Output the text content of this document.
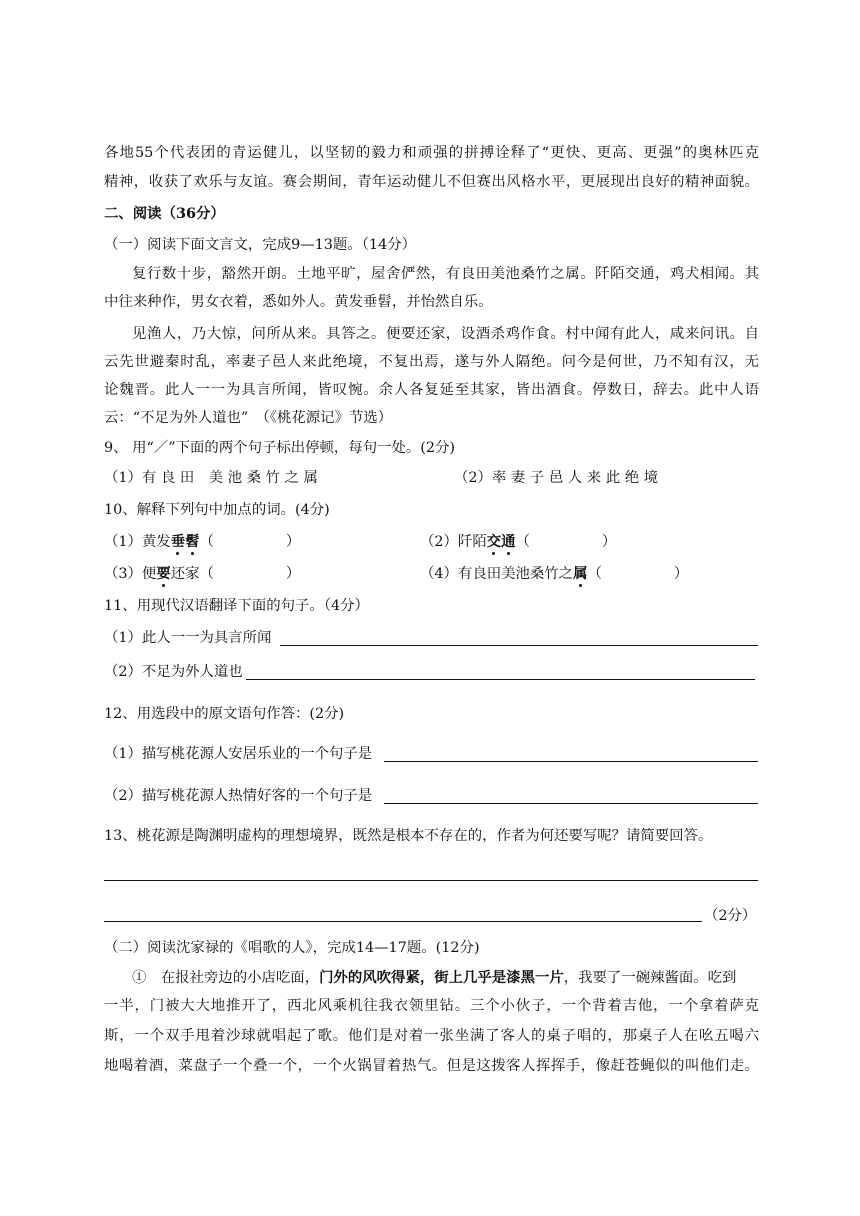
各地55个代表团的青运健儿，以坚韧的毅力和顽强的拼搏诠释了“更快、更高、更强”的奥林匹克
精神，收获了欢乐与友谊。赛会期间，青年运动健儿不但赛出风格水平，更展现出良好的精神面貌。
二、阅读（36分）
（一）阅读下面文言文，完成9—13题。（14分）
复行数十步，豁然开朗。土地平旷，屋舍俨然，有良田美池桑竹之属。阡陌交通，鸡犬相闻。其
中往来种作，男女衣着，悉如外人。黄发垂髫，并怡然自乐。
见渔人，乃大惊，问所从来。具答之。便要还家，设酒杀鸡作食。村中闻有此人，咸来问讯。自
云先世避秦时乱，率妻子邑人来此绝境，不复出焉，遂与外人隔绝。问今是何世，乃不知有汉，无
论魏晋。此人一一为具言所闻，皆叹惋。余人各复延至其家，皆出酒食。停数日，辞去。此中人语
云：“不足为外人道也”　（《桃花源记》节选）
9、 用“／”下面的两个句子标出停顿，每句一处。(2分)
（1）有 良 田　美 池 桑 竹 之 属	（2）率 妻 子 邑 人 来 此 绝 境
10、解释下列句中加点的词。(4分)
（1）黄发垂髫（　　　　　）	（2）阡陌交通（　　　　　）
（3）便要还家（　　　　　）	（4）有良田美池桑竹之属（　　　　　）
11、用现代汉语翻译下面的句子。（4分）
（1）此人一一为具言所闻
（2）不足为外人道也
12、用选段中的原文语句作答：(2分)
（1）描写桃花源人安居乐业的一个句子是
（2）描写桃花源人热情好客的一个句子是
13、桃花源是陶渊明虚构的理想境界，既然是根本不存在的，作者为何还要写呢？请简要回答。
（2分）
（二）阅读沈家禄的《唱歌的人》，完成14—17题。(12分)
①　在报社旁边的小店吃面，门外的风吹得紧，街上几乎是漆黑一片，我要了一碗辣酱面。吃到
一半，门被大大地推开了，西北风乘机往我衣领里钻。三个小伙子，一个背着吉他，一个拿着萨克
斯，一个双手甩着沙球就唱起了歌。他们是对着一张坐满了客人的桌子唱的，那桌子人在吆五喝六
地喝着酒，菜盘子一个叠一个，一个火锅冒着热气。但是这拨客人挥挥手，像赶苍蝇似的叫他们走。
